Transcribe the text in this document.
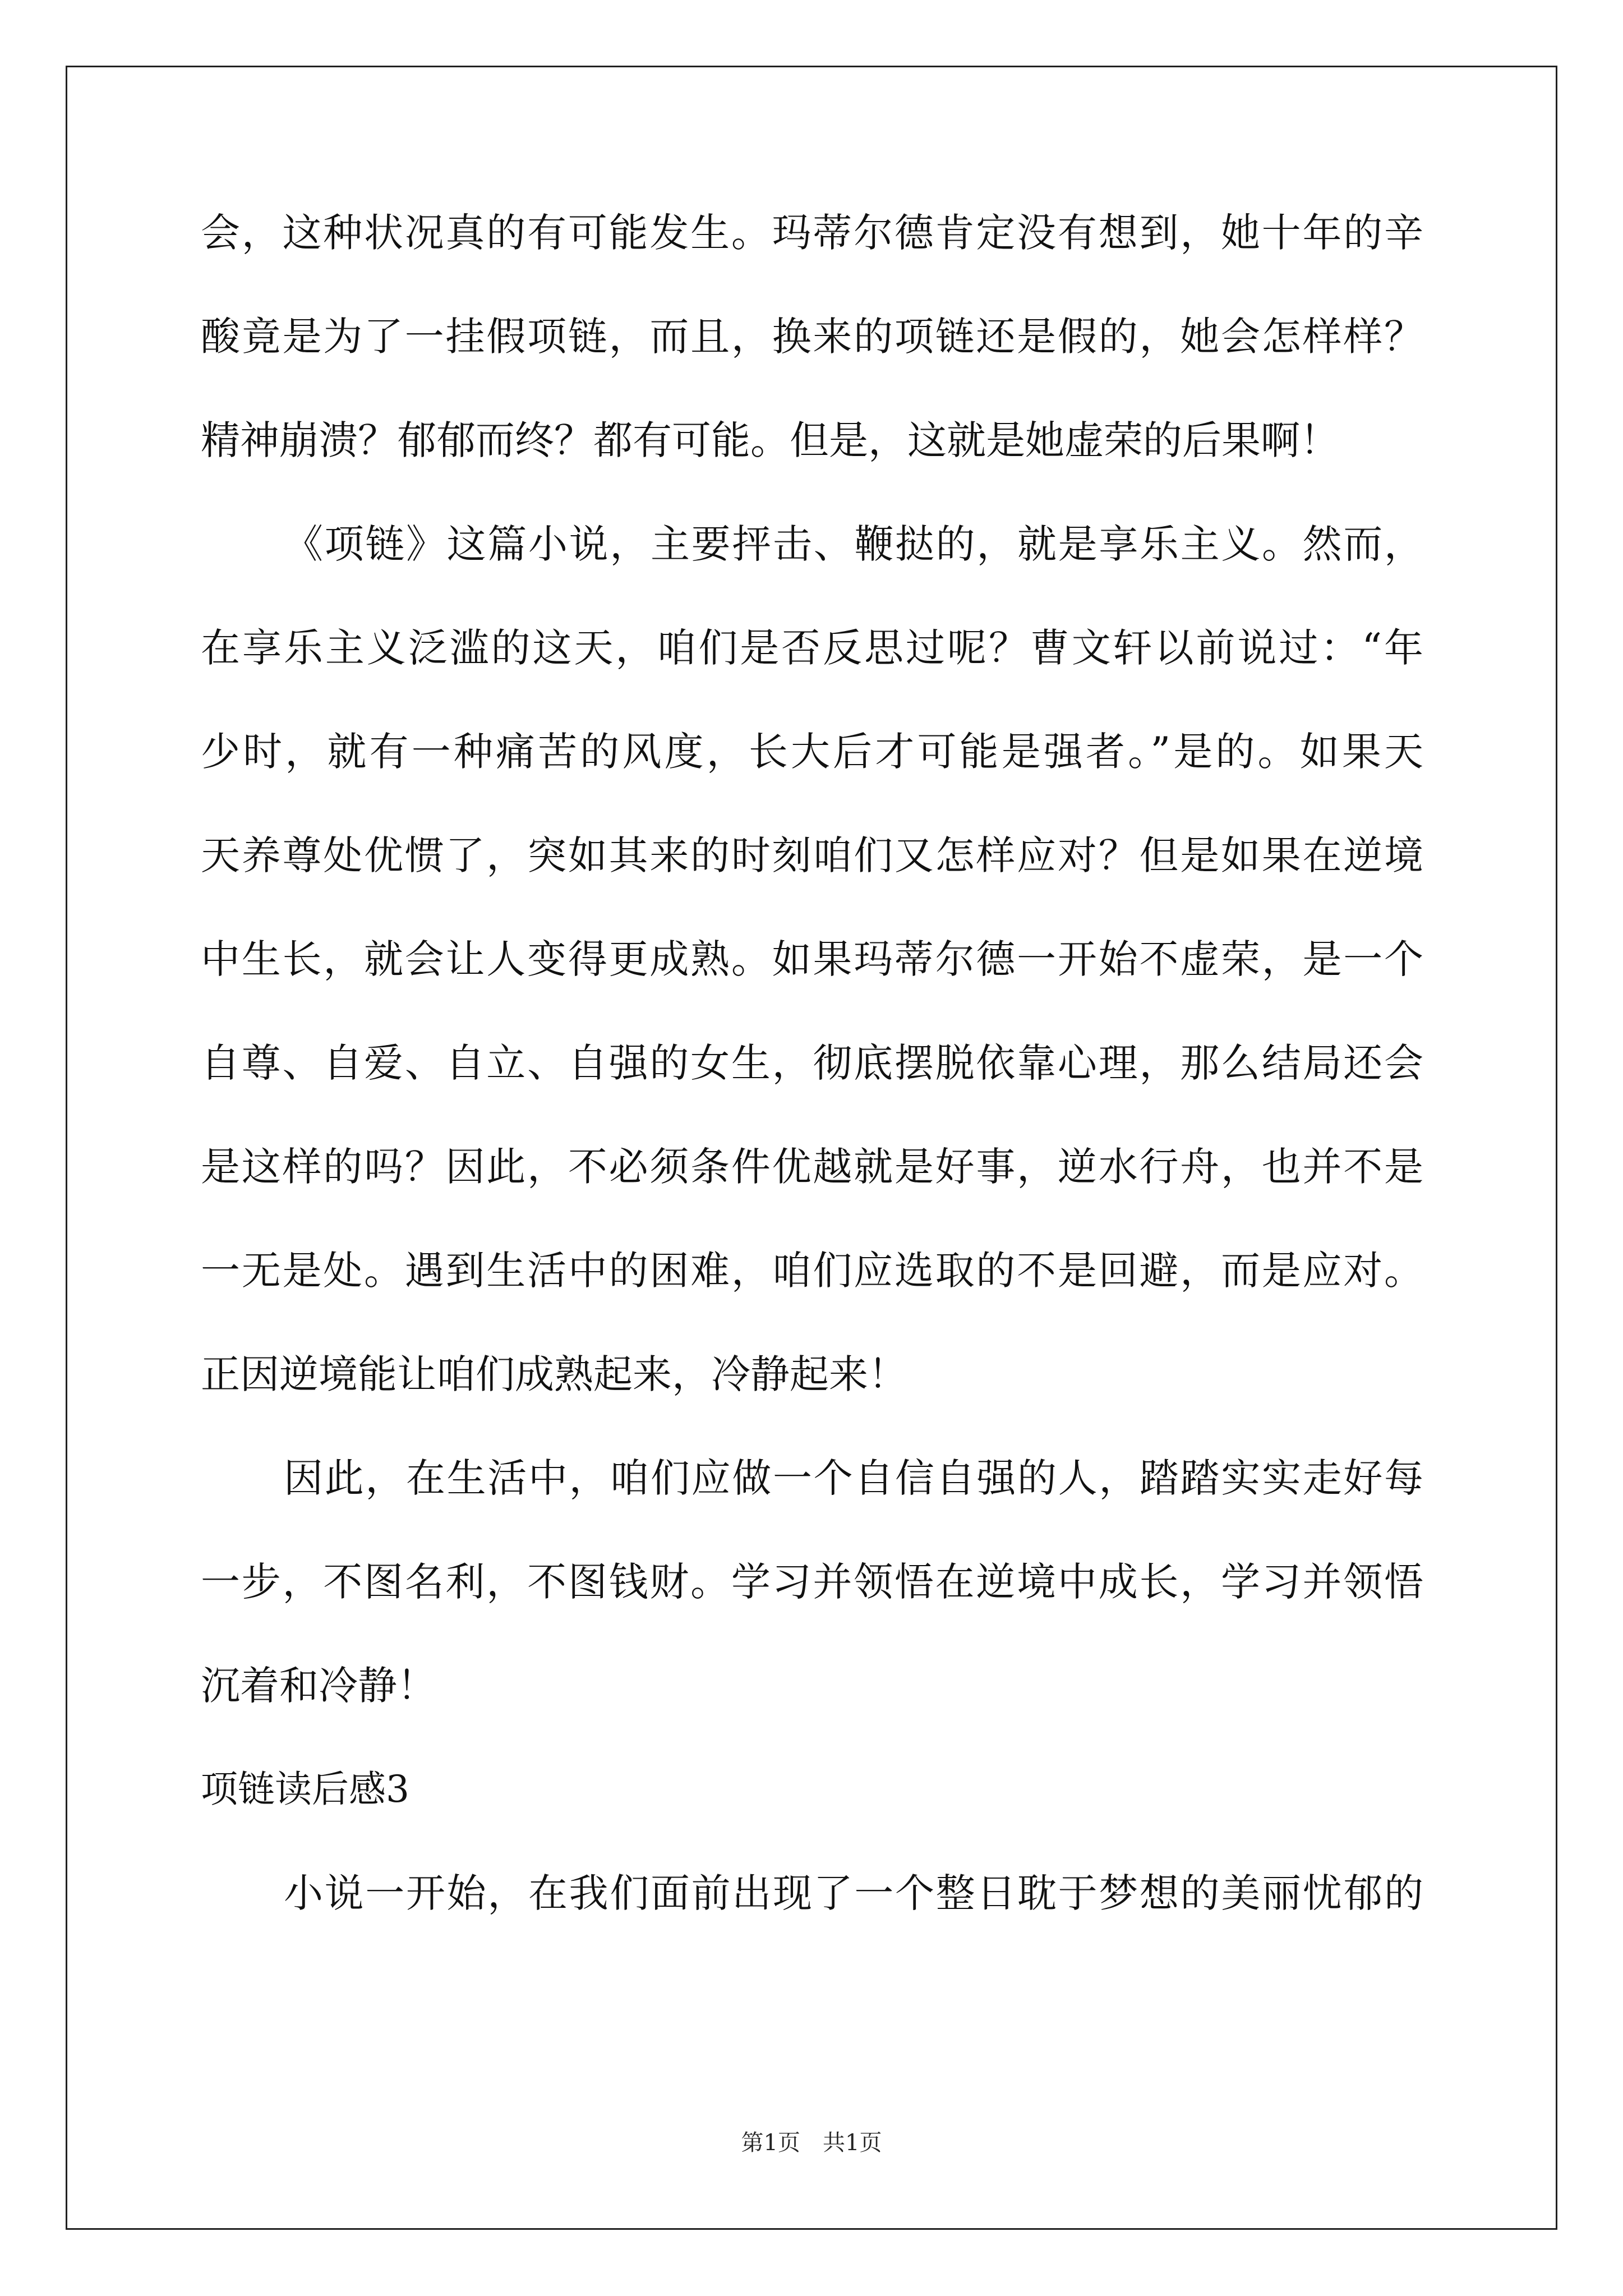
会，这种状况真的有可能发生。玛蒂尔德肯定没有想到，她十年的辛
酸竟是为了一挂假项链，而且，换来的项链还是假的，她会怎样样？
精神崩溃？郁郁而终？都有可能。但是，这就是她虚荣的后果啊！
《项链》这篇小说，主要抨击、鞭挞的，就是享乐主义。然而，
在享乐主义泛滥的这天，咱们是否反思过呢？曹文轩以前说过：“年
少时，就有一种痛苦的风度，长大后才可能是强者。”是的。如果天
天养尊处优惯了，突如其来的时刻咱们又怎样应对？但是如果在逆境
中生长，就会让人变得更成熟。如果玛蒂尔德一开始不虚荣，是一个
自尊、自爱、自立、自强的女生，彻底摆脱依靠心理，那么结局还会
是这样的吗？因此，不必须条件优越就是好事，逆水行舟，也并不是
一无是处。遇到生活中的困难，咱们应选取的不是回避，而是应对。
正因逆境能让咱们成熟起来，冷静起来！
因此，在生活中，咱们应做一个自信自强的人，踏踏实实走好每
一步，不图名利，不图钱财。学习并领悟在逆境中成长，学习并领悟
沉着和冷静！
项链读后感3
小说一开始，在我们面前出现了一个整日耽于梦想的美丽忧郁的
第1页　共1页
